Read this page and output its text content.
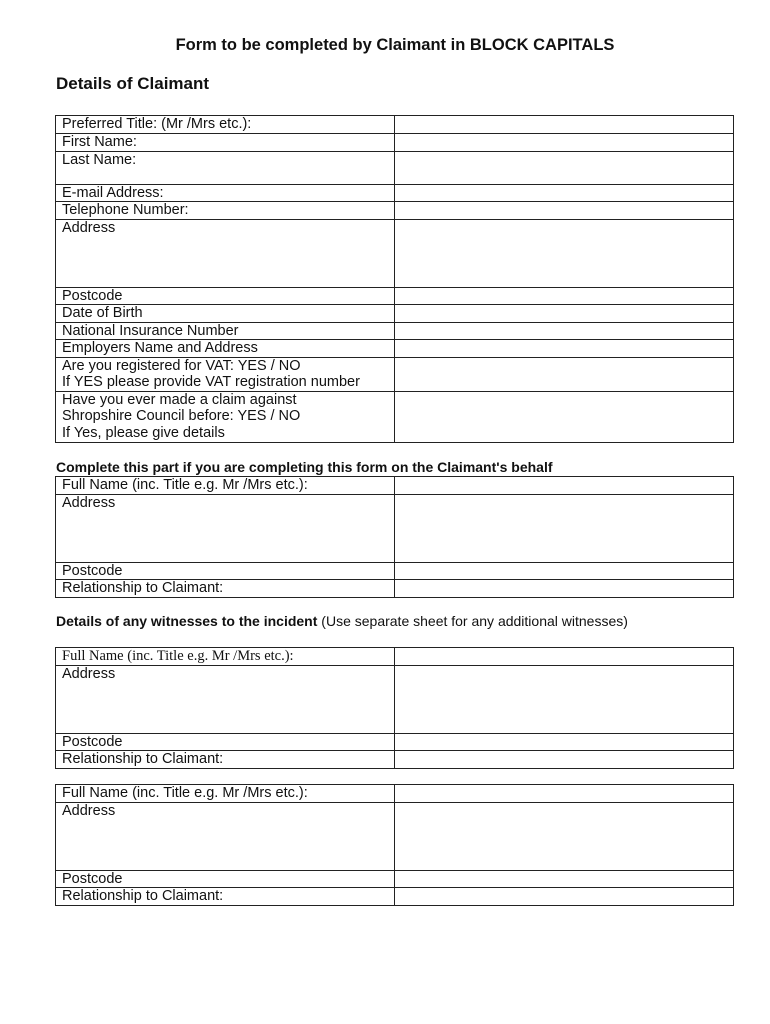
Form to be completed by Claimant in BLOCK CAPITALS
Details of Claimant
Preferred Title: (Mr /Mrs etc.):	

First Name:	

Last Name:	

E-mail Address:	

Telephone Number:	

Address	

Postcode	

Date of Birth	

National Insurance Number	

Employers Name and Address	

Are you registered for VAT: YES / NO
If YES please provide VAT registration number	

Have you ever made a claim against
Shropshire Council before: YES / NO
If Yes, please give details	

Complete this part if you are completing this form on the Claimant's behalf
Full Name (inc. Title e.g. Mr /Mrs etc.):	

Address	

Postcode	

Relationship to Claimant:	

Details of any witnesses to the incident (Use separate sheet for any additional witnesses)
Full Name (inc. Title e.g. Mr /Mrs etc.):	

Address	

Postcode	

Relationship to Claimant:	

Full Name (inc. Title e.g. Mr /Mrs etc.):	

Address	

Postcode	

Relationship to Claimant:	
